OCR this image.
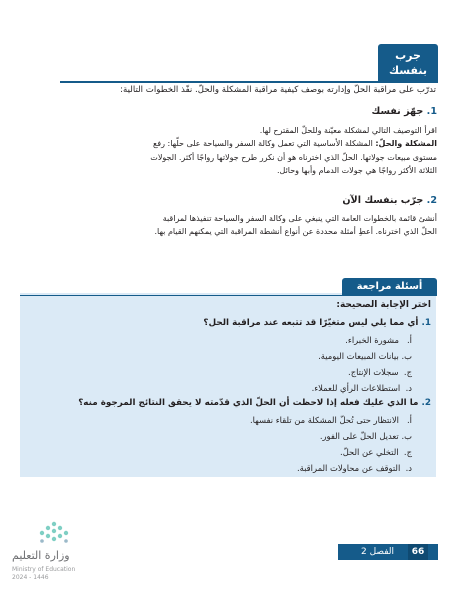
جرب
بنفسك
تدرّب على مراقبة الحلّ وإدارته بوصف كيفية مراقبة المشكلة والحلّ. نفّذ الخطوات التالية:
1. جهّز نفسك
اقرأ التوصيف التالي لمشكلة معيّنة وللحلّ المقترح لها.
المشكلة والحلّ: المشكلة الأساسية التي تعمل وكالة السفر والسياحة على حلّها: رفع مستوى مبيعات جولاتها. الحلّ الذي اخترناه هو أن نكرر طرح جولاتها رواجًا أكثر. الجولات الثلاثة الأكثر رواجًا هي جولات الدمام وأبها وحائل.
2. جرّب بنفسك الآن
أنشئ قائمة بالخطوات العامة التي ينبغي على وكالة السفر والسياحة تنفيذها لمراقبة الحلّ الذي اخترناه. أعطِ أمثلة محددة عن أنواع أنشطة المراقبة التي يمكنهم القيام بها.
أسئلة مراجعة
اختر الإجابة الصحيحة:
1. أي مما يلي ليس متغيّرًا قد تتبعه عند مراقبة الحل؟
أ.   مشورة الخبراء.
ب. بيانات المبيعات اليومية.
ج.  سجلات الإنتاج.
د.  استطلاعات الرأي للعملاء.
2. ما الذي عليك فعله إذا لاحظت أن الحلّ الذي قدّمته لا يحقق النتائج المرجوة منه؟
أ.   الانتظار حتى تُحلّ المشكلة من تلقاء نفسها.
ب. تعديل الحلّ على الفور.
ج.  التخلي عن الحلّ.
د.  التوقف عن محاولات المراقبة.
وزارة التعليم
Ministry of Education
2024 - 1446
الفصل 2	66
